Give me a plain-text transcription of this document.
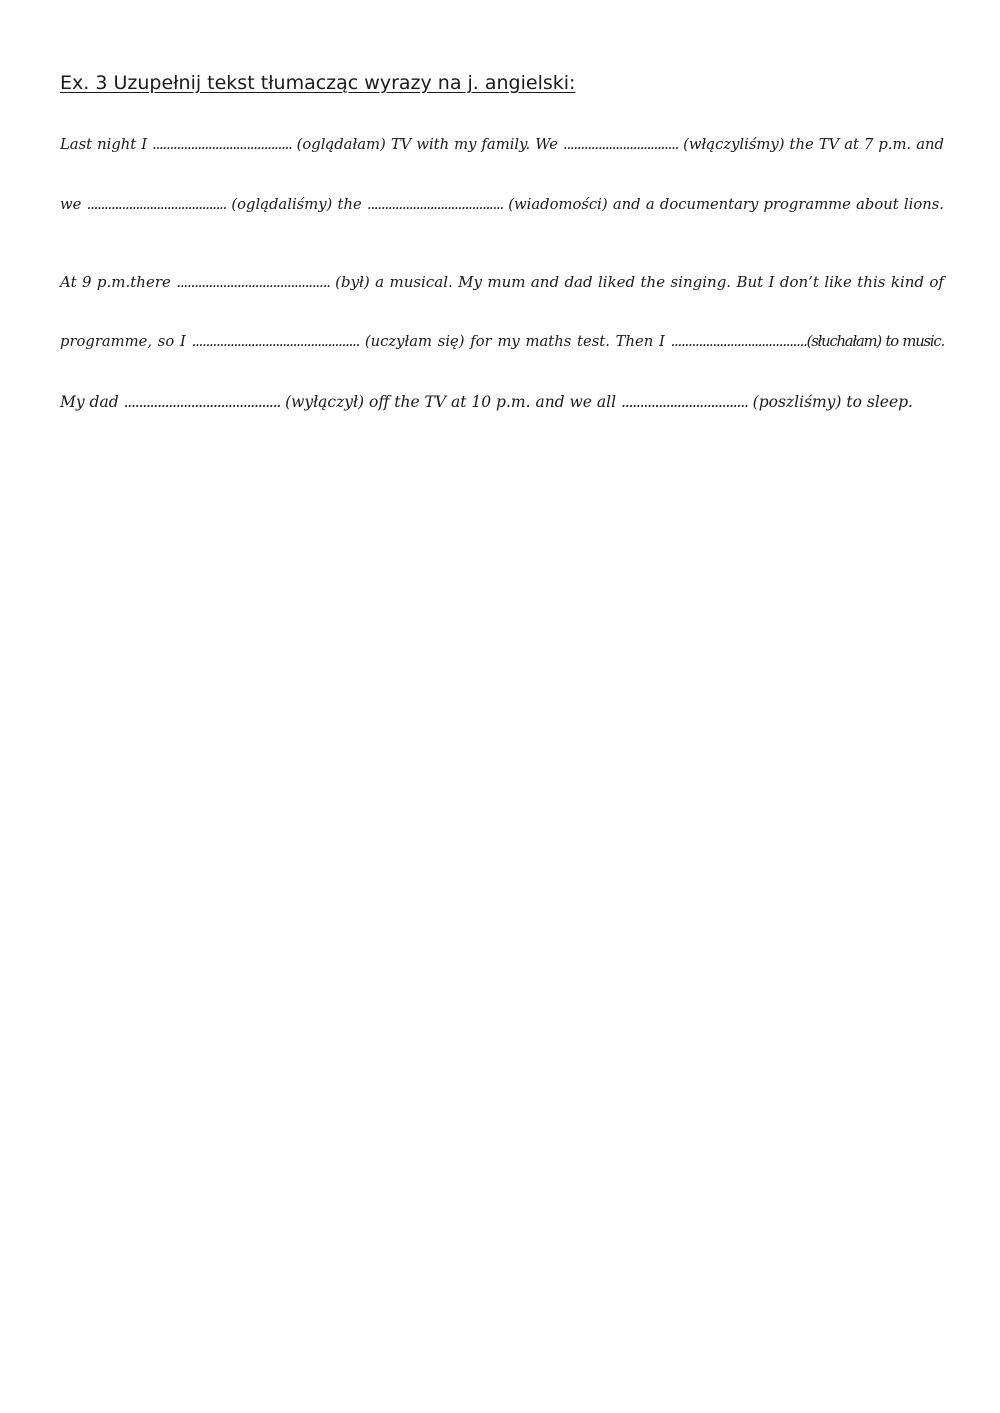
Ex. 3 Uzupełnij tekst tłumacząc wyrazy na j. angielski:

Last night I ........................................ (oglądałam) TV with my family. We ................................. (włączyliśmy) the TV at 7 p.m. and

we ........................................ (oglądaliśmy) the ....................................... (wiadomości) and a documentary programme about lions.

At 9 p.m.there ........................................... (był) a musical. My mum and dad liked the singing. But I don’t like this kind of

programme, so I ................................................ (uczyłam się) for my maths test. Then I .......................................(słuchałam) to music.

My dad .......................................... (wyłączył) off the TV at 10 p.m. and we all .................................. (poszliśmy) to sleep.
